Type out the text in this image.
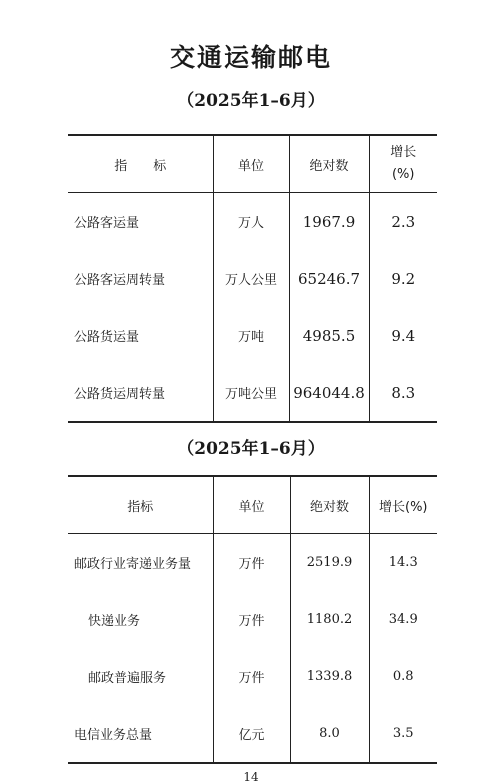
交通运输邮电
（2025年1–6月）
指　　标	单位	绝对数	增长
(%)
公路客运量	万人	1967.9	2.3
公路客运周转量	万人公里	65246.7	9.2
公路货运量	万吨	4985.5	9.4
公路货运周转量	万吨公里	964044.8	8.3
（2025年1–6月）
指标	单位	绝对数	增长(%)
邮政行业寄递业务量	万件	2519.9	14.3
快递业务	万件	1180.2	34.9
邮政普遍服务	万件	1339.8	0.8
电信业务总量	亿元	8.0	3.5
14
